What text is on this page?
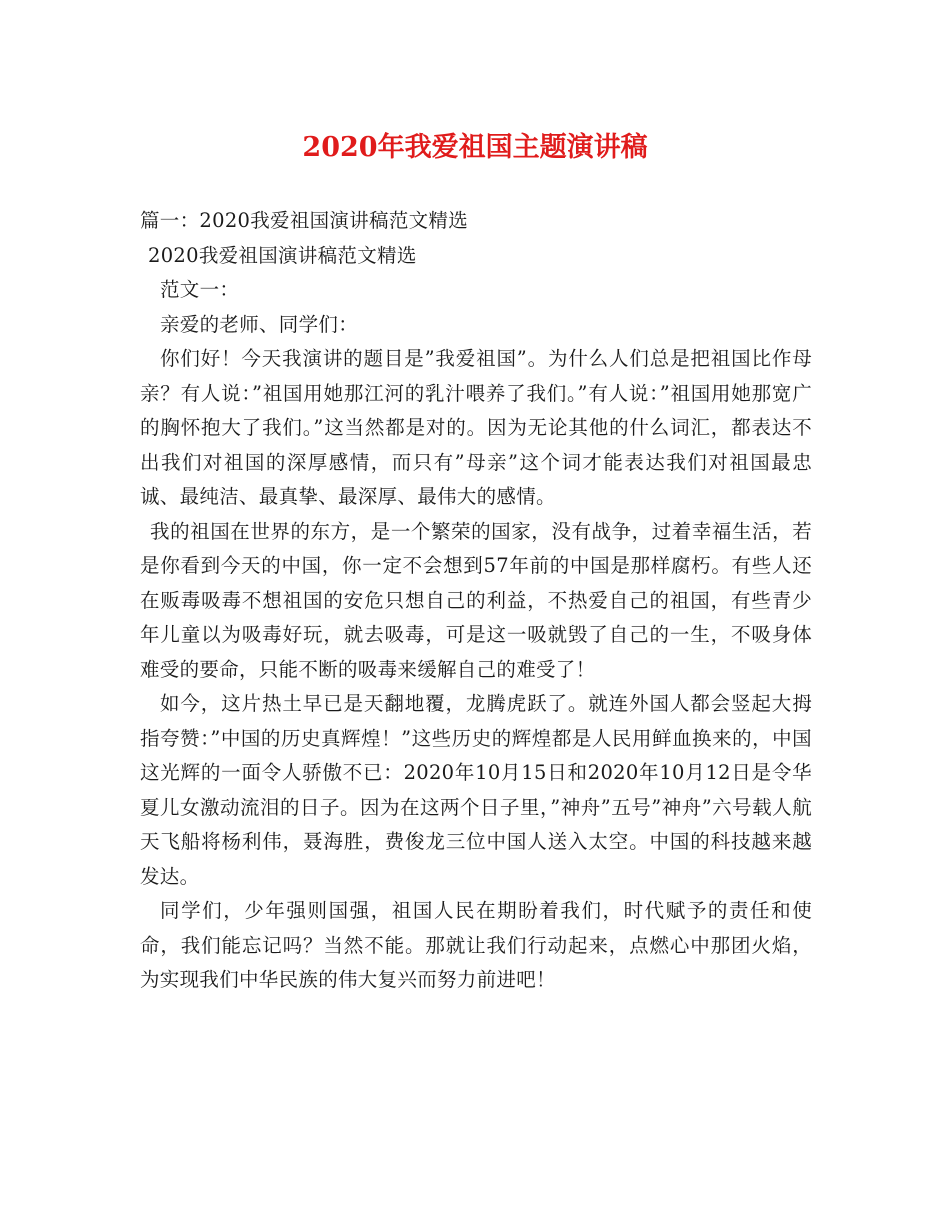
2020年我爱祖国主题演讲稿

篇一：2020我爱祖国演讲稿范文精选

2020我爱祖国演讲稿范文精选

范文一：

亲爱的老师、同学们：

你们好！今天我演讲的题目是”我爱祖国”。为什么人们总是把祖国比作母亲？有人说：”祖国用她那江河的乳汁喂养了我们。”有人说：”祖国用她那宽广的胸怀抱大了我们。”这当然都是对的。因为无论其他的什么词汇，都表达不出我们对祖国的深厚感情，而只有”母亲”这个词才能表达我们对祖国最忠诚、最纯洁、最真挚、最深厚、最伟大的感情。

我的祖国在世界的东方，是一个繁荣的国家，没有战争，过着幸福生活，若是你看到今天的中国，你一定不会想到57年前的中国是那样腐朽。有些人还在贩毒吸毒不想祖国的安危只想自己的利益，不热爱自己的祖国，有些青少年儿童以为吸毒好玩，就去吸毒，可是这一吸就毁了自己的一生，不吸身体难受的要命，只能不断的吸毒来缓解自己的难受了！

如今，这片热土早已是天翻地覆，龙腾虎跃了。就连外国人都会竖起大拇指夸赞：”中国的历史真辉煌！”这些历史的辉煌都是人民用鲜血换来的，中国这光辉的一面令人骄傲不已：2020年10月15日和2020年10月12日是令华夏儿女激动流泪的日子。因为在这两个日子里，”神舟”五号”神舟”六号载人航天飞船将杨利伟，聂海胜，费俊龙三位中国人送入太空。中国的科技越来越发达。

同学们，少年强则国强，祖国人民在期盼着我们，时代赋予的责任和使命，我们能忘记吗？当然不能。那就让我们行动起来，点燃心中那团火焰，为实现我们中华民族的伟大复兴而努力前进吧！
